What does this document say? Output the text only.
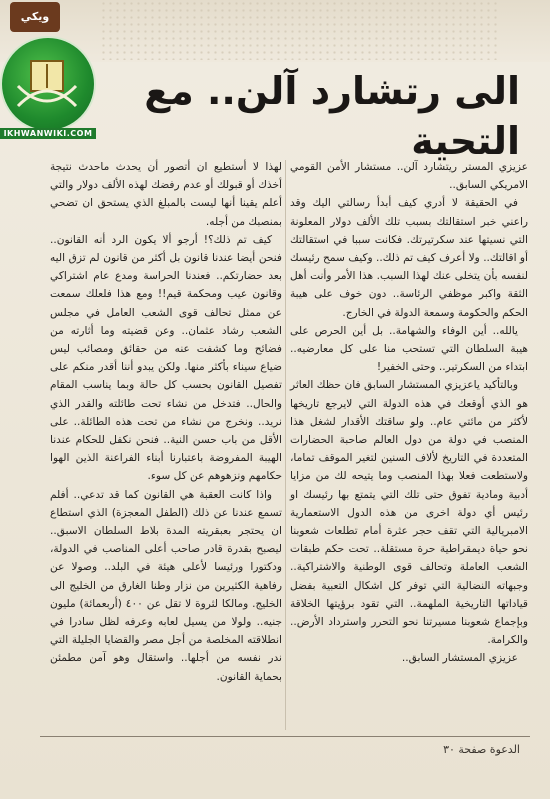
ويكي
IKHWANWIKI.COM
الى رتشارد آلن.. مع التحية

عزيزي المستر ريتشارد آلن.. مستشار الأمن القومي الامريكي السابق..

في الحقيقة لا أدري كيف أبدأ رسالتي اليك وقد راعني خبر استقالتك بسبب تلك الألف دولار المعلونة التي نسيتها عند سكرتيرتك. فكانت سببا في استقالتك أو اقالتك.. ولا أعرف كيف تم ذلك.. وكيف سمح رئيسك لنفسه بأن يتخلى عنك لهذا السبب. هذا الأمر وأنت أهل الثقة واكبر موظفي الرئاسة.. دون خوف على هيبة الحكم والحكومة وسمعة الدولة في الخارج.

يالله.. أين الوفاء والشهامة.. بل أين الحرص على هيبة السلطان التي تستحب منا على كل معارضيه.. ابتداء من السكرتير.. وحتى الخفير!

وبالتأكيد ياعزيزي المستشار السابق فان حظك العاثر هو الذي أوقعك في هذه الدولة التي لايرجع تاريخها لأكثر من مائتي عام.. ولو ساقتك الأقدار لشغل هذا المنصب في دولة من دول العالم صاحبة الحضارات المتعددة في التاريخ لألاف السنين لتغير الموقف تماما، ولاستطعت فعلا بهذا المنصب وما يتيحه لك من مزايا أدبية ومادية تفوق حتى تلك التي يتمتع بها رئيسك او رئيس أي دولة اخرى من هذه الدول الاستعمارية الامبريالية التي تقف حجر عثرة أمام تطلعات شعوبنا نحو حياة ديمقراطية حرة مستقلة.. تحت حكم طبقات الشعب العاملة وتحالف قوى الوطنية والاشتراكية.. وجبهاته النضالية التي توفر كل اشكال التعبية بفضل قياداتها التاريخية الملهمة.. التي تقود برؤيتها الخلاقة وبإجماع شعوبنا مسيرتنا نحو التحرر واسترداد الأرض.. والكرامة.

عزيزي المستشار السابق..

لهذا لا أستطيع ان أتصور أن يحدث ماحدث نتيجة أخذك أو قبولك أو عدم رفضك لهذه الألف دولار والتي أعلم يقينا أنها ليست بالمبلغ الذي يستحق ان تضحي بمنصبك من أجله.

كيف تم ذلك؟! أرجو ألا يكون الرد أنه القانون.. فنحن أيضا عندنا قانون بل أكثر من قانون لم تزق اليه بعد حضارتكم.. فعندنا الحراسة ومدع عام اشتراكي وقانون عيب ومحكمة قيم!! ومع هذا فلعلك سمعت عن ممثل تحالف قوى الشعب العامل في مجلس الشعب رشاد عثمان.. وعن قضيته وما أثارته من فضائح وما كشفت عنه من حقائق ومصائب ليس ضياع سيناء بأكثر منها. ولكن يبدو أننا أقدر منكم على تفصيل القانون بحسب كل حالة وبما يناسب المقام والحال.. فتدخل من نشاء تحت طائلته والقدر الذي نريد.. ونخرج من نشاء من تحت هذه الطائلة.. على الأقل من باب حسن النية.. فنحن نكفل للحكام عندنا الهيبة المفروضة باعتبارنا أبناء الفراعنة الذين الهوا حكامهم ونزهوهم عن كل سوء.

واذا كانت العقبة هي القانون كما قد تدعي.. أفلم تسمع عندنا عن ذلك (الطفل المعجزة) الذي استطاع ان يحتجر بعبقريته المدة بلاط السلطان الاسبق.. ليصبح بقدرة قادر صاحب أعلى المناصب في الدولة، ودكتورا ورئيسا لأعلى هيئة في البلد.. وصولا عن رفاهية الكثيرين من نزار وطنا الغارق من الخليج الى الخليج. ومالكا لثروة لا تقل عن ٤٠٠ (أربعمائة) مليون جنيه.. ولولا من يسيل لعابه وعرفه لظل سادرا في انطلاقته المخلصة من أجل مصر والقضايا الجليلة التي ندر نفسه من أجلها.. واستقال وهو آمن مطمئن بحماية القانون.

الدعوة صفحة ٣٠
